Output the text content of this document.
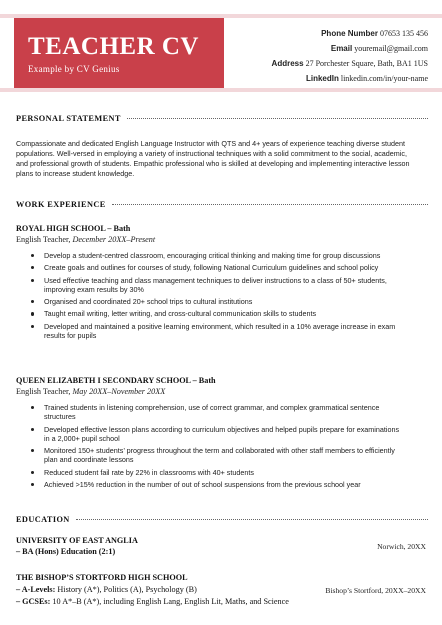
TEACHER CV
Example by CV Genius
Phone Number 07653 135 456
Email youremail@gmail.com
Address 27 Porchester Square, Bath, BA1 1US
LinkedIn linkedin.com/in/your-name
PERSONAL STATEMENT
Compassionate and dedicated English Language Instructor with QTS and 4+ years of experience teaching diverse student populations. Well-versed in employing a variety of instructional techniques with a solid commitment to the social, academic, and professional growth of students. Empathic professional who is skilled at developing and implementing interactive lesson plans to increase student knowledge.
WORK EXPERIENCE
ROYAL HIGH SCHOOL – Bath
English Teacher, December 20XX–Present
Develop a student-centred classroom, encouraging critical thinking and making time for group discussions
Create goals and outlines for courses of study, following National Curriculum guidelines and school policy
Used effective teaching and class management techniques to deliver instructions to a class of 50+ students, improving exam results by 30%
Organised and coordinated 20+ school trips to cultural institutions
Taught email writing, letter writing, and cross-cultural communication skills to students
Developed and maintained a positive learning environment, which resulted in a 10% average increase in exam results for pupils
QUEEN ELIZABETH I SECONDARY SCHOOL – Bath
English Teacher, May 20XX–November 20XX
Trained students in listening comprehension, use of correct grammar, and complex grammatical sentence structures
Developed effective lesson plans according to curriculum objectives and helped pupils prepare for examinations in a 2,000+ pupil school
Monitored 150+ students’ progress throughout the term and collaborated with other staff members to efficiently plan and coordinate lessons
Reduced student fail rate by 22% in classrooms with 40+ students
Achieved >15% reduction in the number of out of school suspensions from the previous school year
EDUCATION
UNIVERSITY OF EAST ANGLIA
– BA (Hons) Education (2:1)
Norwich, 20XX
THE BISHOP’S STORTFORD HIGH SCHOOL
– A-Levels: History (A*), Politics (A), Psychology (B)
– GCSEs: 10 A*–B (A*), including English Lang, English Lit, Maths, and Science
Bishop’s Stortford, 20XX–20XX
